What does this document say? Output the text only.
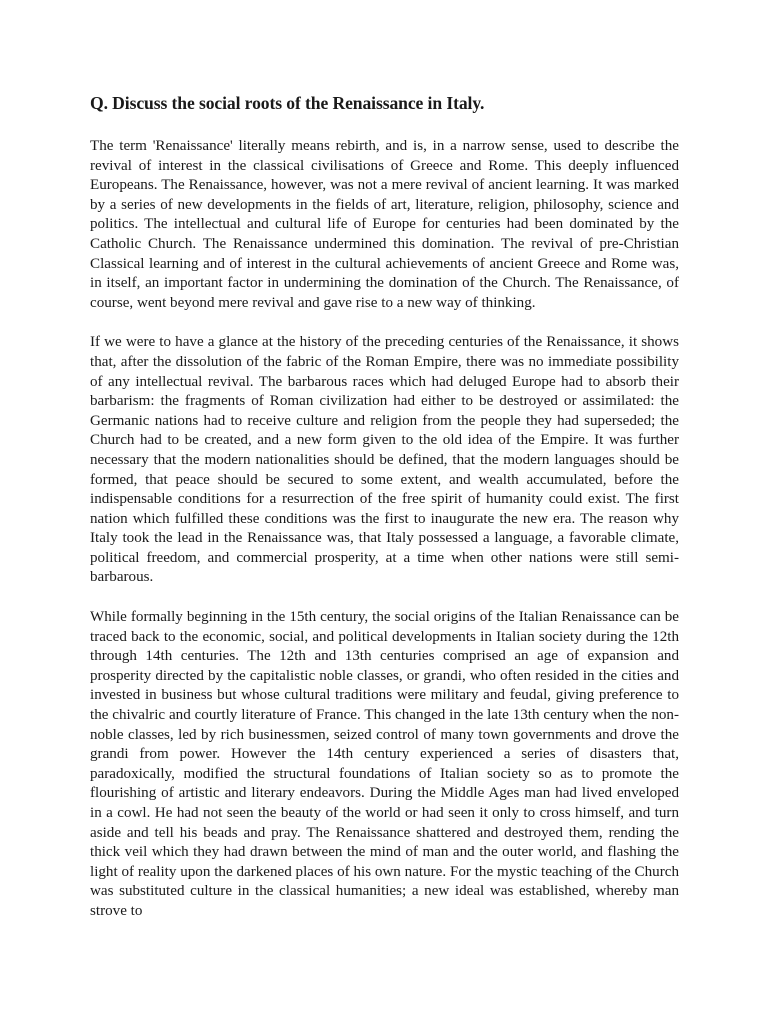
Q. Discuss the social roots of the Renaissance in Italy.

The term 'Renaissance' literally means rebirth, and is, in a narrow sense, used to describe the revival of interest in the classical civilisations of Greece and Rome. This deeply influenced Europeans. The Renaissance, however, was not a mere revival of ancient learning. It was marked by a series of new developments in the fields of art, literature, religion, philosophy, science and politics. The intellectual and cultural life of Europe for centuries had been dominated by the Catholic Church. The Renaissance undermined this domination. The revival of pre-Christian Classical learning and of interest in the cultural achievements of ancient Greece and Rome was, in itself, an important factor in undermining the domination of the Church. The Renaissance, of course, went beyond mere revival and gave rise to a new way of thinking.

If we were to have a glance at the history of the preceding centuries of the Renaissance, it shows that, after the dissolution of the fabric of the Roman Empire, there was no immediate possibility of any intellectual revival. The barbarous races which had deluged Europe had to absorb their barbarism: the fragments of Roman civilization had either to be destroyed or assimilated: the Germanic nations had to receive culture and religion from the people they had superseded; the Church had to be created, and a new form given to the old idea of the Empire. It was further necessary that the modern nationalities should be defined, that the modern languages should be formed, that peace should be secured to some extent, and wealth accumulated, before the indispensable conditions for a resurrection of the free spirit of humanity could exist. The first nation which fulfilled these conditions was the first to inaugurate the new era. The reason why Italy took the lead in the Renaissance was, that Italy possessed a language, a favorable climate, political freedom, and commercial prosperity, at a time when other nations were still semi-barbarous.

While formally beginning in the 15th century, the social origins of the Italian Renaissance can be traced back to the economic, social, and political developments in Italian society during the 12th through 14th centuries. The 12th and 13th centuries comprised an age of expansion and prosperity directed by the capitalistic noble classes, or grandi, who often resided in the cities and invested in business but whose cultural traditions were military and feudal, giving preference to the chivalric and courtly literature of France. This changed in the late 13th century when the non-noble classes, led by rich businessmen, seized control of many town governments and drove the grandi from power. However the 14th century experienced a series of disasters that, paradoxically, modified the structural foundations of Italian society so as to promote the flourishing of artistic and literary endeavors. During the Middle Ages man had lived enveloped in a cowl. He had not seen the beauty of the world or had seen it only to cross himself, and turn aside and tell his beads and pray. The Renaissance shattered and destroyed them, rending the thick veil which they had drawn between the mind of man and the outer world, and flashing the light of reality upon the darkened places of his own nature. For the mystic teaching of the Church was substituted culture in the classical humanities; a new ideal was established, whereby man strove to
